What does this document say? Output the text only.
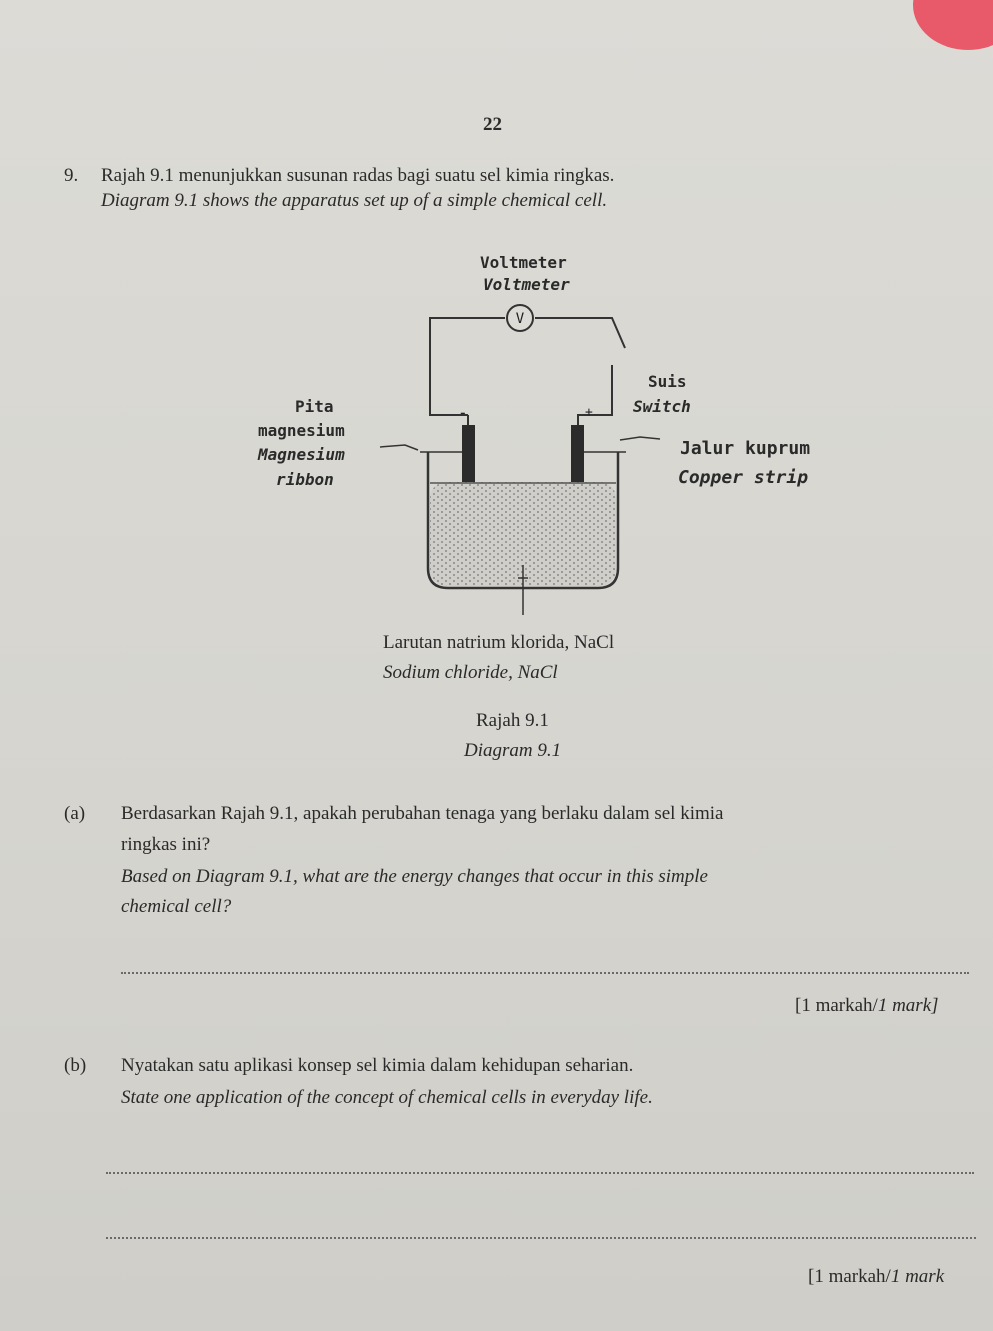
22
9. Rajah 9.1 menunjukkan susunan radas bagi suatu sel kimia ringkas.
Diagram 9.1 shows the apparatus set up of a simple chemical cell.
V
-	+
Voltmeter
Voltmeter
Suis
Switch
Pita
magnesium
Magnesium
ribbon
Jalur kuprum
Copper strip
Larutan natrium klorida, NaCl
Sodium chloride, NaCl
Rajah 9.1
Diagram 9.1
(a) Berdasarkan Rajah 9.1, apakah perubahan tenaga yang berlaku dalam sel kimia
ringkas ini?
Based on Diagram 9.1, what are the energy changes that occur in this simple
chemical cell?
[1 markah/1 mark]
(b) Nyatakan satu aplikasi konsep sel kimia dalam kehidupan seharian.
State one application of the concept of chemical cells in everyday life.
[1 markah/1 mark
